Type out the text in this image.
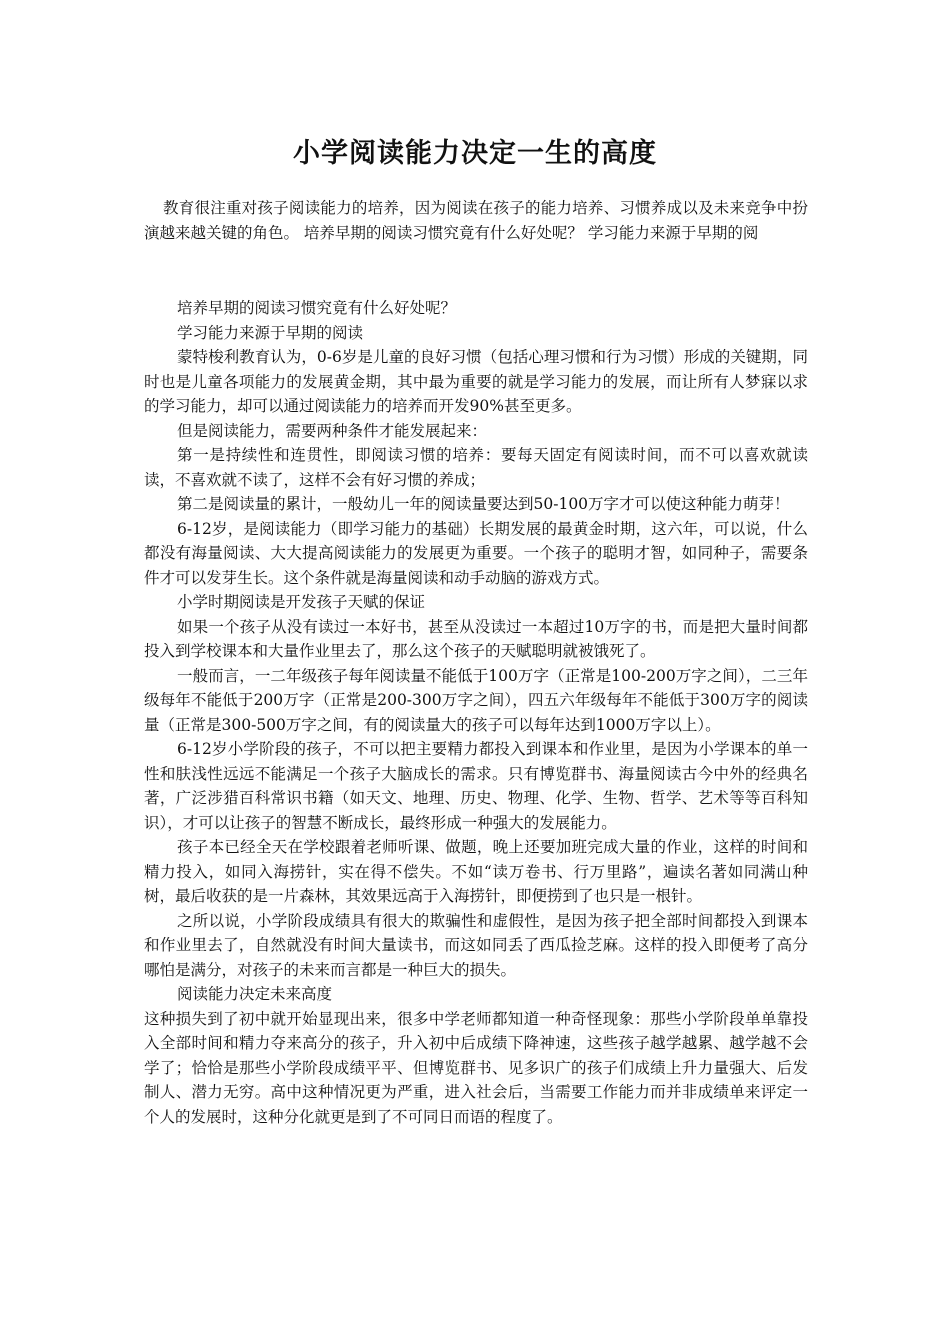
小学阅读能力决定一生的高度

教育很注重对孩子阅读能力的培养，因为阅读在孩子的能力培养、习惯养成以及未来竞争中扮演越来越关键的角色。 培养早期的阅读习惯究竟有什么好处呢？ 学习能力来源于早期的阅

培养早期的阅读习惯究竟有什么好处呢？

学习能力来源于早期的阅读

蒙特梭利教育认为，0-6岁是儿童的良好习惯（包括心理习惯和行为习惯）形成的关键期，同时也是儿童各项能力的发展黄金期，其中最为重要的就是学习能力的发展，而让所有人梦寐以求的学习能力，却可以通过阅读能力的培养而开发90%甚至更多。

但是阅读能力，需要两种条件才能发展起来：

第一是持续性和连贯性，即阅读习惯的培养：要每天固定有阅读时间，而不可以喜欢就读读，不喜欢就不读了，这样不会有好习惯的养成；

第二是阅读量的累计，一般幼儿一年的阅读量要达到50-100万字才可以使这种能力萌芽！

6-12岁，是阅读能力（即学习能力的基础）长期发展的最黄金时期，这六年，可以说，什么都没有海量阅读、大大提高阅读能力的发展更为重要。一个孩子的聪明才智，如同种子，需要条件才可以发芽生长。这个条件就是海量阅读和动手动脑的游戏方式。

小学时期阅读是开发孩子天赋的保证

如果一个孩子从没有读过一本好书，甚至从没读过一本超过10万字的书，而是把大量时间都投入到学校课本和大量作业里去了，那么这个孩子的天赋聪明就被饿死了。

一般而言，一二年级孩子每年阅读量不能低于100万字（正常是100-200万字之间），二三年级每年不能低于200万字（正常是200-300万字之间），四五六年级每年不能低于300万字的阅读量（正常是300-500万字之间，有的阅读量大的孩子可以每年达到1000万字以上）。

6-12岁小学阶段的孩子，不可以把主要精力都投入到课本和作业里，是因为小学课本的单一性和肤浅性远远不能满足一个孩子大脑成长的需求。只有博览群书、海量阅读古今中外的经典名著，广泛涉猎百科常识书籍（如天文、地理、历史、物理、化学、生物、哲学、艺术等等百科知识），才可以让孩子的智慧不断成长，最终形成一种强大的发展能力。

孩子本已经全天在学校跟着老师听课、做题，晚上还要加班完成大量的作业，这样的时间和精力投入，如同入海捞针，实在得不偿失。不如“读万卷书、行万里路”，遍读名著如同满山种树，最后收获的是一片森林，其效果远高于入海捞针，即便捞到了也只是一根针。

之所以说，小学阶段成绩具有很大的欺骗性和虚假性，是因为孩子把全部时间都投入到课本和作业里去了，自然就没有时间大量读书，而这如同丢了西瓜捡芝麻。这样的投入即便考了高分哪怕是满分，对孩子的未来而言都是一种巨大的损失。

阅读能力决定未来高度

这种损失到了初中就开始显现出来，很多中学老师都知道一种奇怪现象：那些小学阶段单单靠投入全部时间和精力夺来高分的孩子，升入初中后成绩下降神速，这些孩子越学越累、越学越不会学了；恰恰是那些小学阶段成绩平平、但博览群书、见多识广的孩子们成绩上升力量强大、后发制人、潜力无穷。高中这种情况更为严重，进入社会后，当需要工作能力而并非成绩单来评定一个人的发展时，这种分化就更是到了不可同日而语的程度了。
